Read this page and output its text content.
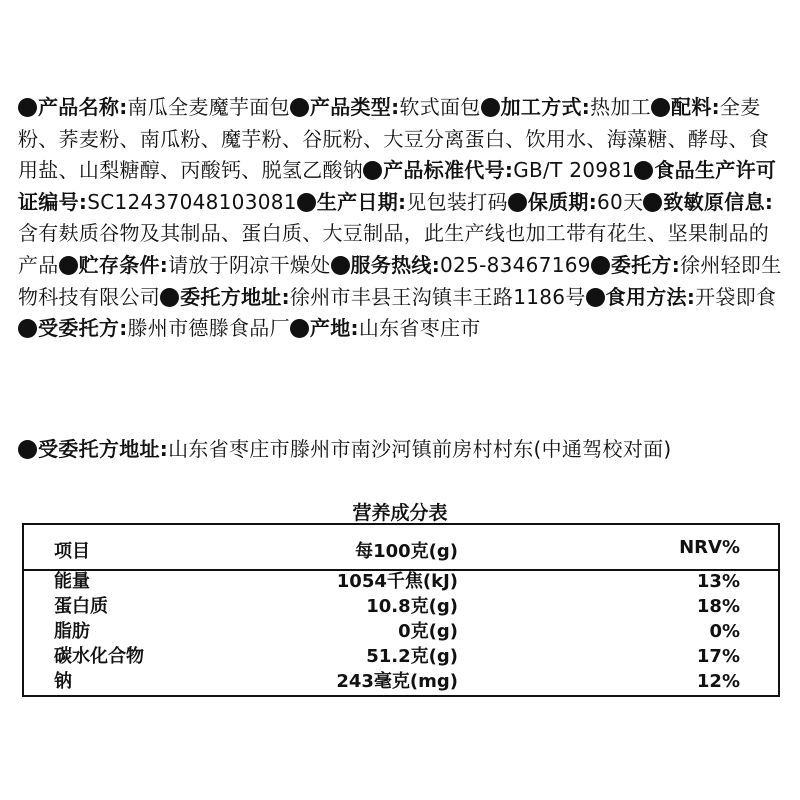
产品名称:南瓜全麦魔芋面包 产品类型:软式面包 加工方式:热加工 配料:全麦粉、荞麦粉、南瓜粉、魔芋粉、谷朊粉、大豆分离蛋白、饮用水、海藻糖、酵母、食用盐、山梨糖醇、丙酸钙、脱氢乙酸钠 产品标准代号:GB/T 20981 食品生产许可证编号:SC12437048103081 生产日期:见包装打码 保质期:60天 致敏原信息:含有麸质谷物及其制品、蛋白质、大豆制品，此生产线也加工带有花生、坚果制品的产品 贮存条件:请放于阴凉干燥处 服务热线:025-83467169 委托方:徐州轻即生物科技有限公司 委托方地址:徐州市丰县王沟镇丰王路1186号 食用方法:开袋即食受委托方:滕州市德滕食品厂 产地:山东省枣庄市
受委托方地址:山东省枣庄市滕州市南沙河镇前房村村东(中通驾校对面)
营养成分表
项目	每100克(g)	NRV%
能量	1054千焦(kJ)	13%
蛋白质	10.8克(g)	18%
脂肪	0克(g)	0%
碳水化合物	51.2克(g)	17%
钠	243毫克(mg)	12%
